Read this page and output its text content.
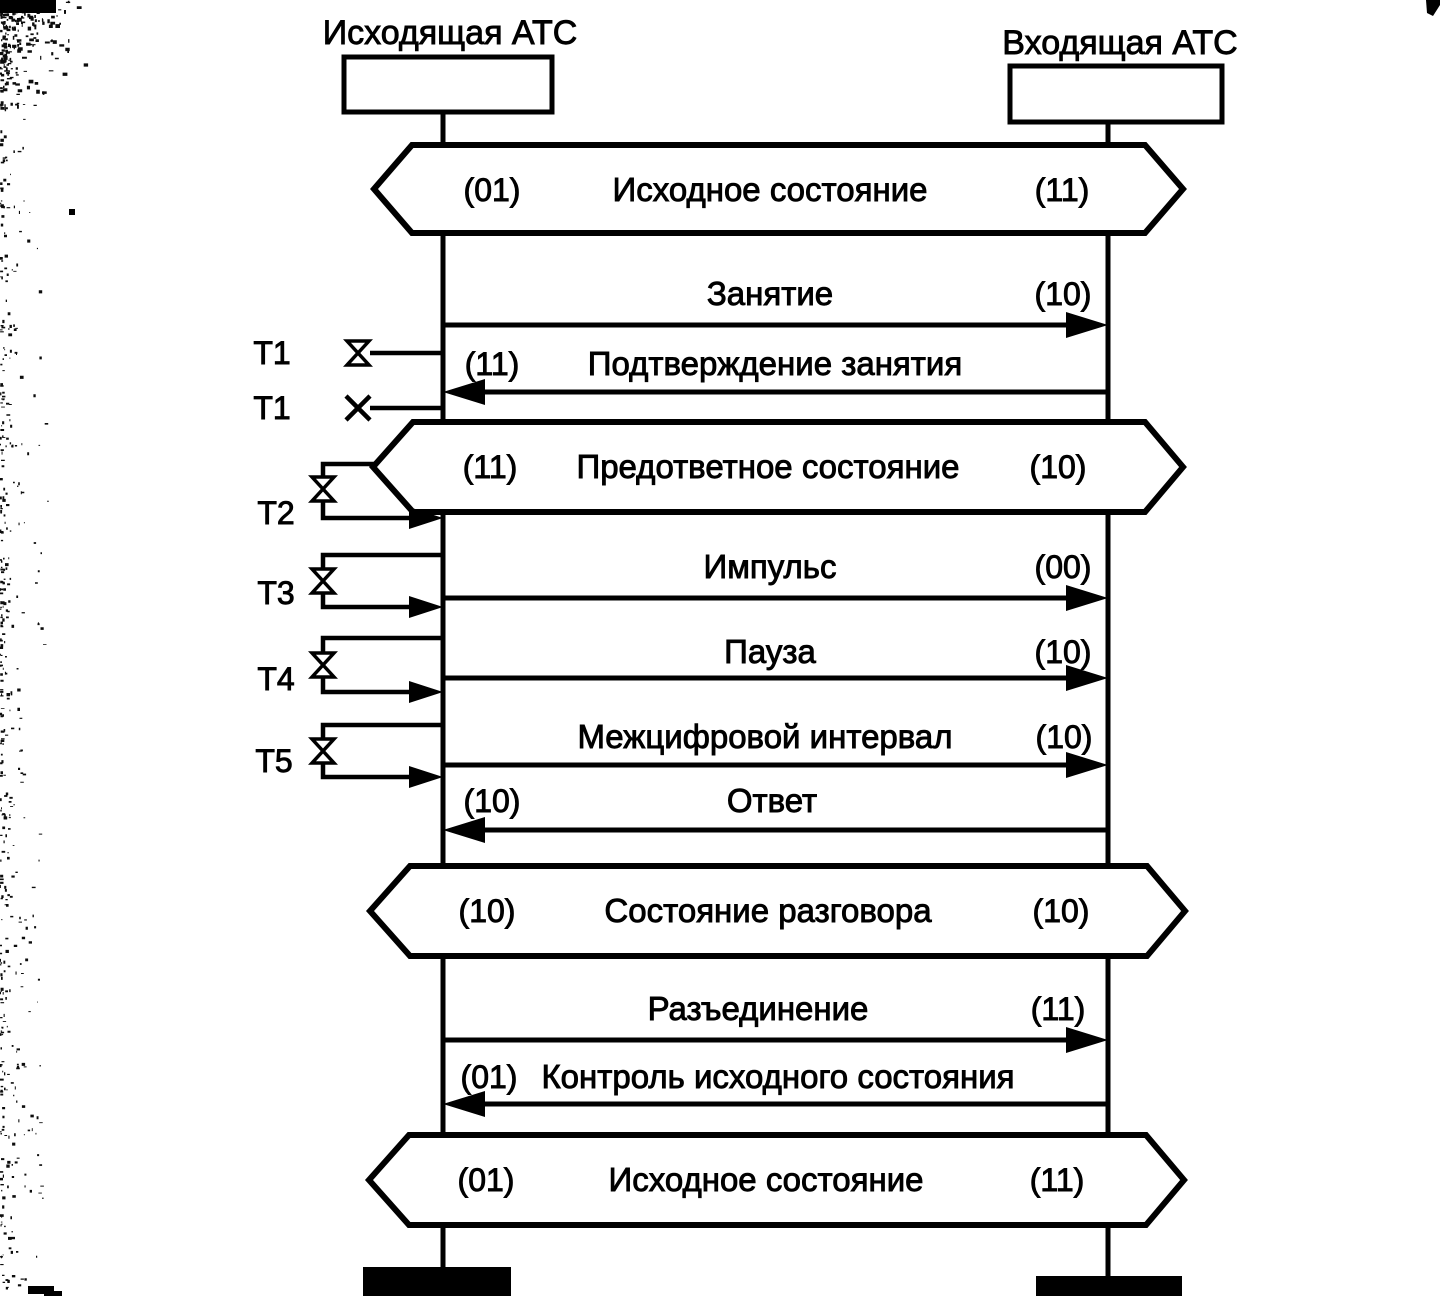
Исходящая АТС	Входящая АТС
Занятие	(10)
(11) Подтверждение занятия
Т1
Т1
(11) Предответное состояние (10)
Т2
Импульс	(00)
Т3
Пауза	(10)
Т4
Межцифровой интервал	(10)
Т5
(10)	Ответ
(10)	Состояние разговора	(10)
Разъединение	(11)
(01) Контроль исходного состояния
(01)	Исходное состояние	(11)
(01)	Исходное состояние	(11)
